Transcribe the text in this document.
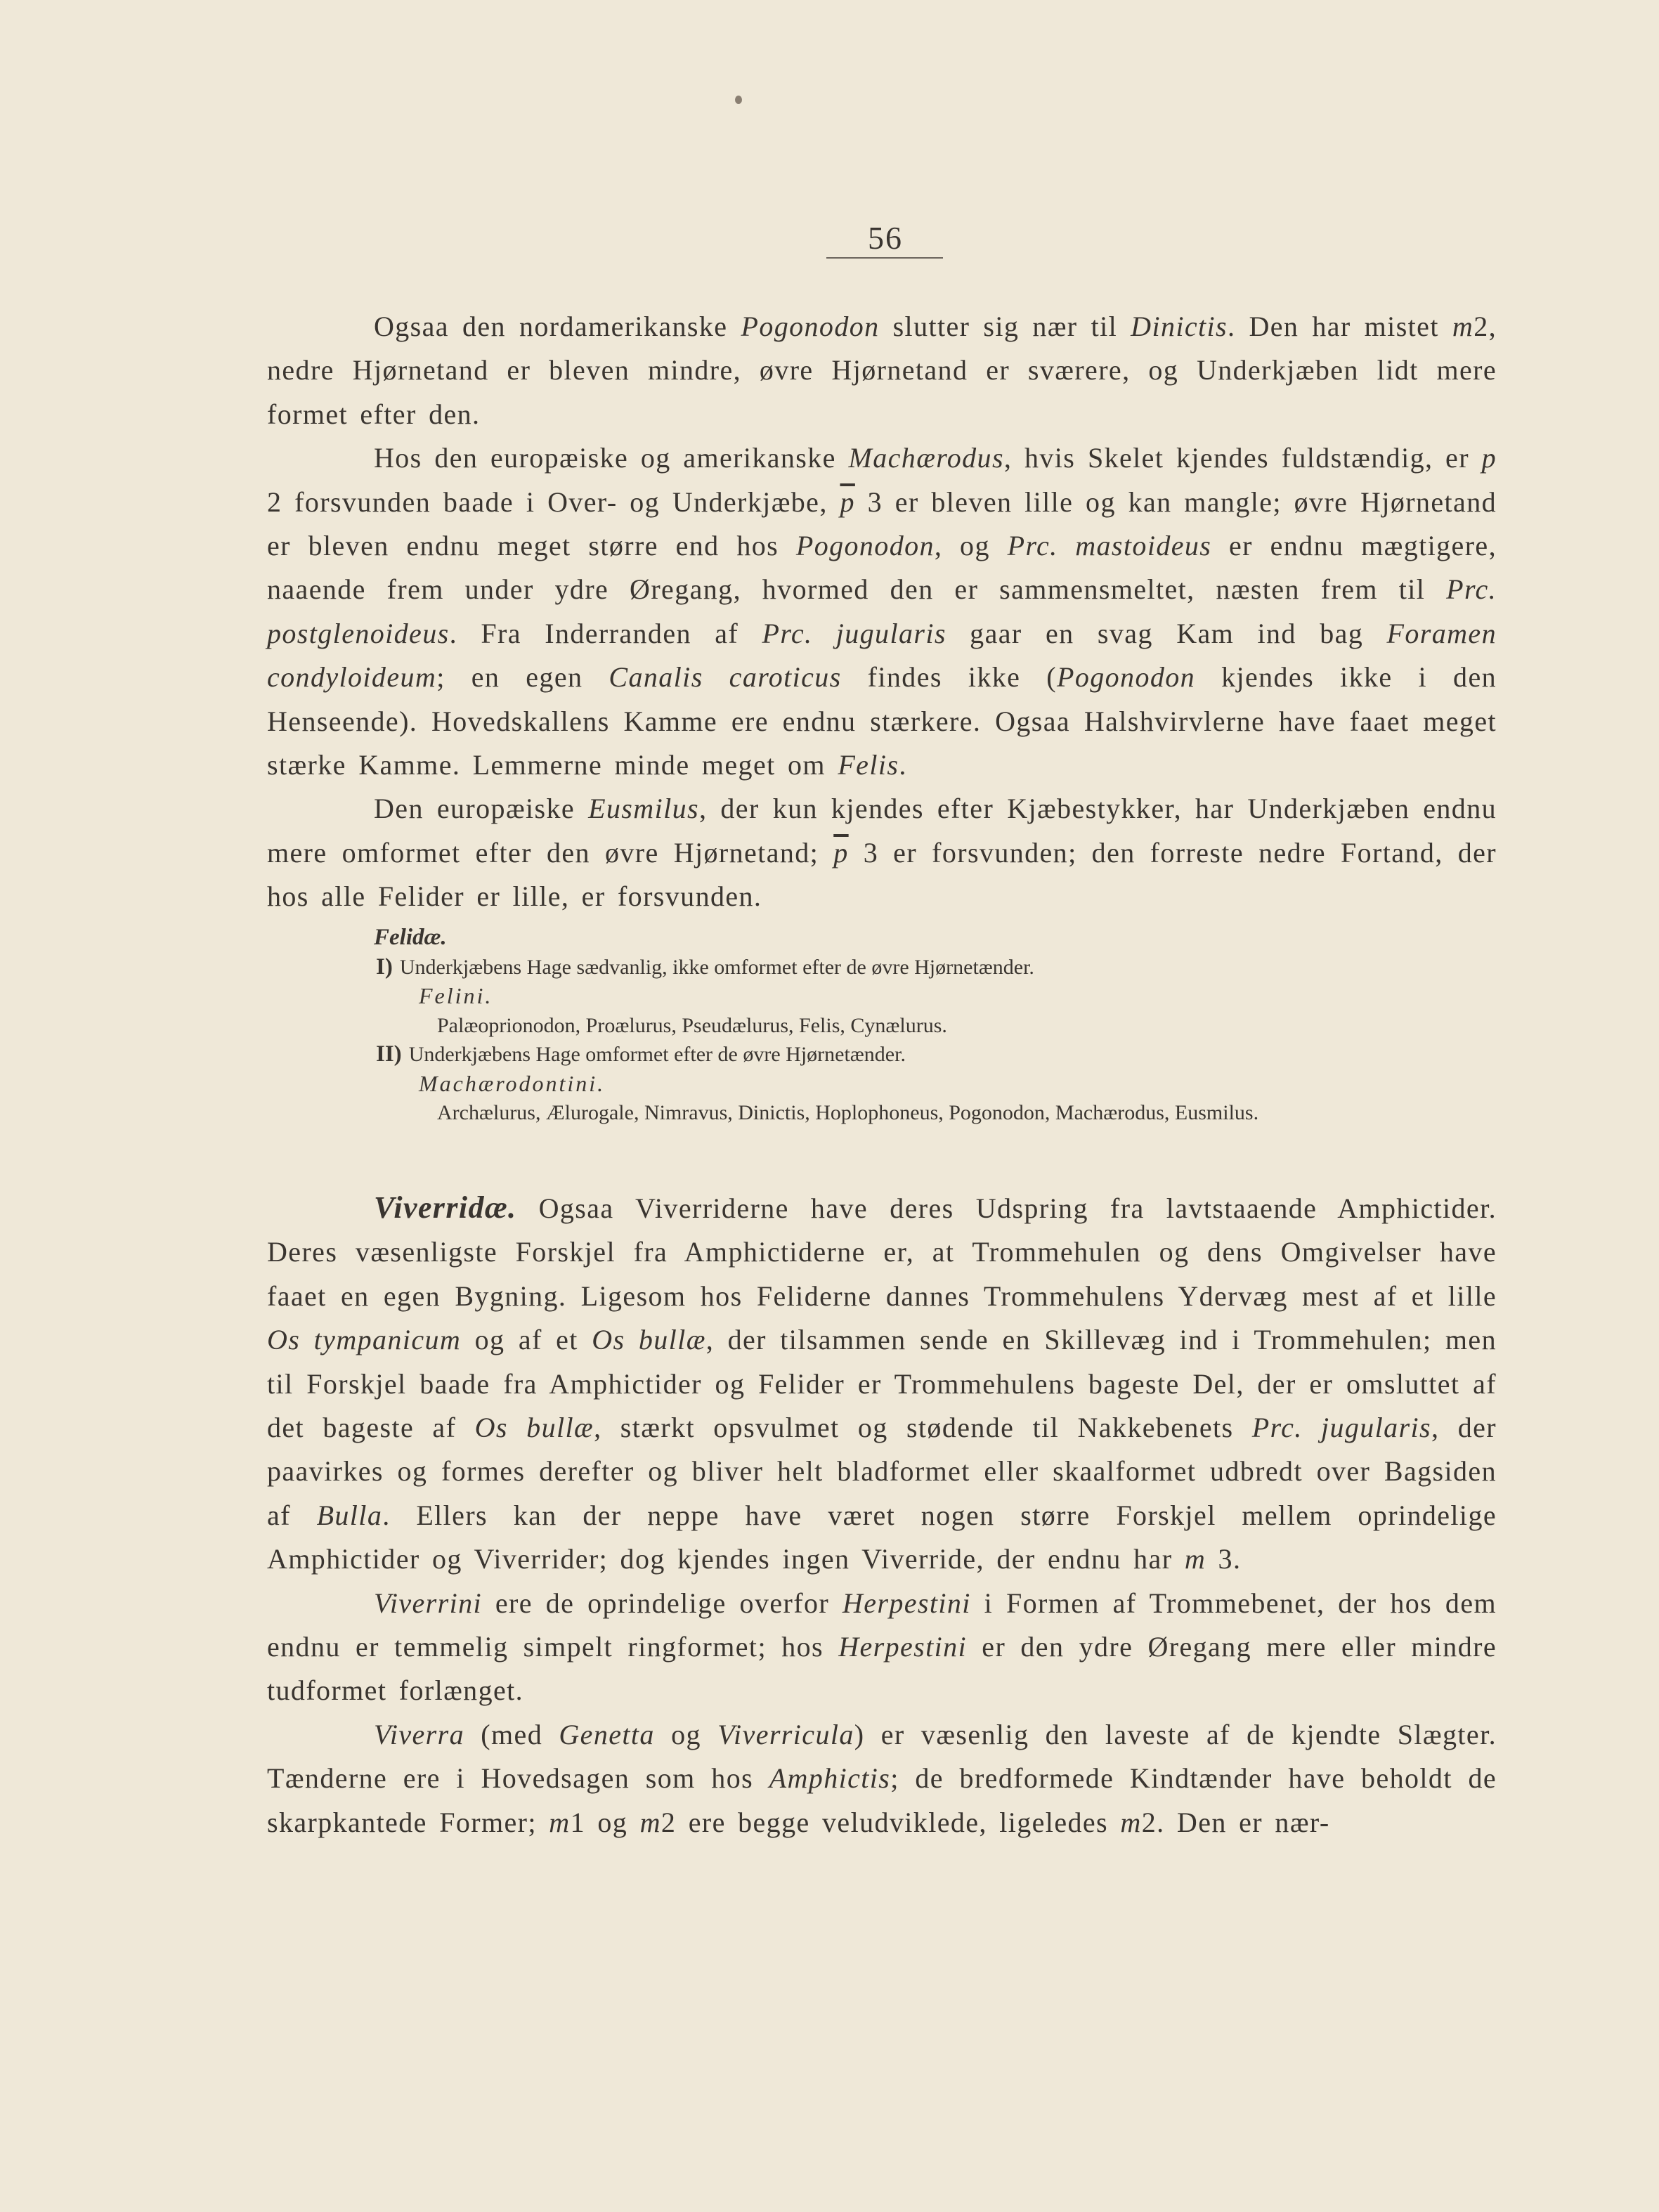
56

Ogsaa den nordamerikanske Pogonodon slutter sig nær til Dinictis. Den har mistet m2, nedre Hjørnetand er bleven mindre, øvre Hjørnetand er sværere, og Underkjæben lidt mere formet efter den.

Hos den europæiske og amerikanske Machærodus, hvis Skelet kjendes fuldstændig, er p 2 forsvunden baade i Over- og Underkjæbe, $\overline{p}$ 3 er bleven lille og kan mangle; øvre Hjørnetand er bleven endnu meget større end hos Pogonodon, og Prc. mastoideus er endnu mægtigere, naaende frem under ydre Øregang, hvormed den er sammensmeltet, næsten frem til Prc. postglenoideus. Fra Inderranden af Prc. jugularis gaar en svag Kam ind bag Foramen condyloideum; en egen Canalis caroticus findes ikke (Pogonodon kjendes ikke i den Henseende). Hovedskallens Kamme ere endnu stærkere. Ogsaa Halshvirvlerne have faaet meget stærke Kamme. Lemmerne minde meget om Felis.

Den europæiske Eusmilus, der kun kjendes efter Kjæbestykker, har Underkjæben endnu mere omformet efter den øvre Hjørnetand; $\overline{p}$ 3 er forsvunden; den forreste nedre Fortand, der hos alle Felider er lille, er forsvunden.

Felidæ.
I) Underkjæbens Hage sædvanlig, ikke omformet efter de øvre Hjørnetænder.
Felini.
Palæoprionodon, Proælurus, Pseudælurus, Felis, Cynælurus.
II) Underkjæbens Hage omformet efter de øvre Hjørnetænder.
Machærodontini.
Archælurus, Ælurogale, Nimravus, Dinictis, Hoplophoneus, Pogonodon, Machærodus, Eusmilus.

Viverridæ. Ogsaa Viverriderne have deres Udspring fra lavtstaaende Amphictider. Deres væsenligste Forskjel fra Amphictiderne er, at Trommehulen og dens Omgivelser have faaet en egen Bygning. Ligesom hos Feliderne dannes Trommehulens Ydervæg mest af et lille Os tympanicum og af et Os bullæ, der tilsammen sende en Skillevæg ind i Trommehulen; men til Forskjel baade fra Amphictider og Felider er Trommehulens bageste Del, der er omsluttet af det bageste af Os bullæ, stærkt opsvulmet og stødende til Nakkebenets Prc. jugularis, der paavirkes og formes derefter og bliver helt bladformet eller skaalformet udbredt over Bagsiden af Bulla. Ellers kan der neppe have været nogen større Forskjel mellem oprindelige Amphictider og Viverrider; dog kjendes ingen Viverride, der endnu har m 3.

Viverrini ere de oprindelige overfor Herpestini i Formen af Trommebenet, der hos dem endnu er temmelig simpelt ringformet; hos Herpestini er den ydre Øregang mere eller mindre tudformet forlænget.

Viverra (med Genetta og Viverricula) er væsenlig den laveste af de kjendte Slægter. Tænderne ere i Hovedsagen som hos Amphictis; de bredformede Kindtænder have beholdt de skarpkantede Former; m1 og m2 ere begge veludviklede, ligeledes m2. Den er nær-
